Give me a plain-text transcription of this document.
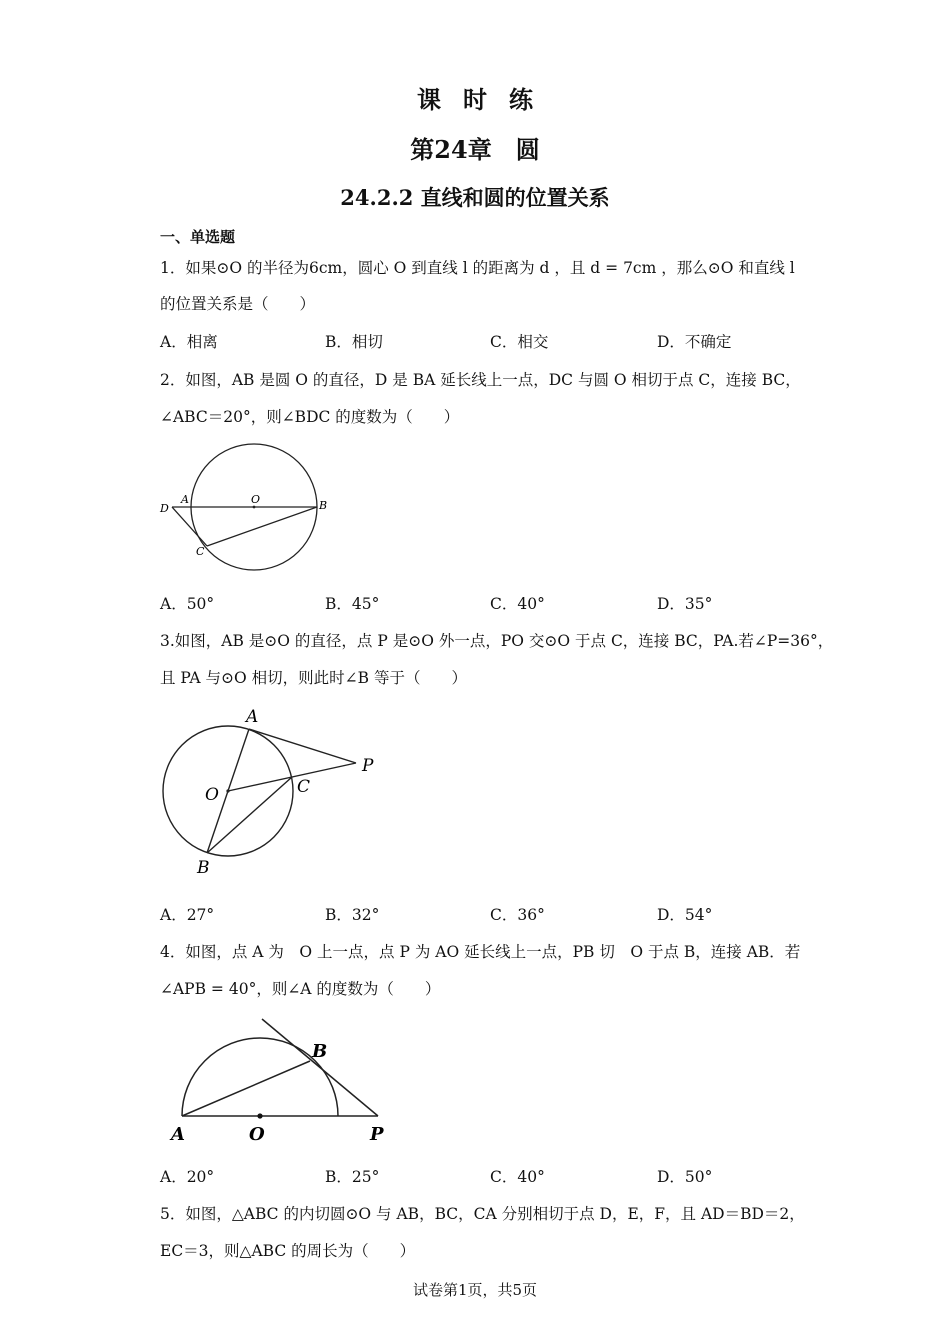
课时练
第24章　圆
24.2.2 直线和圆的位置关系
一、单选题
1．如果⊙O 的半径为6cm，圆心 O 到直线 l 的距离为 d ，且 d = 7cm ，那么⊙O 和直线 l
的位置关系是（　　）
A．相离	B．相切	C．相交	D．不确定
2．如图，AB 是圆 O 的直径，D 是 BA 延长线上一点，DC 与圆 O 相切于点 C，连接 BC，
∠ABC＝20°，则∠BDC 的度数为（　　）
D
A	O	B
C
A．50°	B．45°	C．40°	D．35°
3.如图，AB 是⊙O 的直径，点 P 是⊙O 外一点，PO 交⊙O 于点 C，连接 BC，PA.若∠P=36°，
且 PA 与⊙O 相切，则此时∠B 等于（　　）
A
P
O	C
B
A．27°	B．32°	C．36°	D．54°
4．如图，点 A 为　O 上一点，点 P 为 AO 延长线上一点，PB 切　O 于点 B，连接 AB．若
∠APB = 40°，则∠A 的度数为（　　）
B
A	O	P
A．20°	B．25°	C．40°	D．50°
5．如图，△ABC 的内切圆⊙O 与 AB，BC，CA 分别相切于点 D，E，F，且 AD＝BD＝2，
EC＝3，则△ABC 的周长为（　　）
试卷第1页，共5页
